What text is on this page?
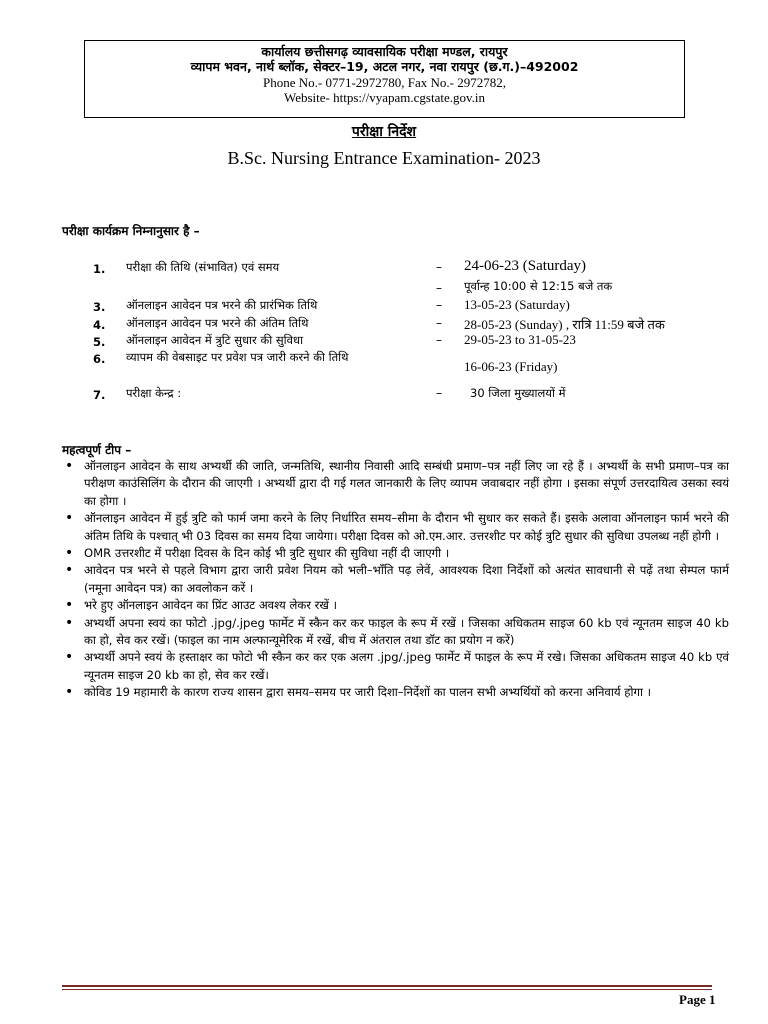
कार्यालय छत्तीसगढ़ व्यावसायिक परीक्षा मण्डल, रायपुर
व्यापम भवन, नार्थ ब्लॉक, सेक्टर–19, अटल नगर, नवा रायपुर (छ.ग.)–492002
Phone No.- 0771-2972780, Fax No.- 2972782,
Website- https://vyapam.cgstate.gov.in
परीक्षा निर्देश
B.Sc. Nursing Entrance Examination- 2023
परीक्षा कार्यक्रम निम्नानुसार है –
1. परीक्षा की तिथि (संभावित) एवं समय	– 24-06-23 (Saturday)
– पूर्वान्ह 10:00 से 12:15 बजे तक
3. ऑनलाइन आवेदन पत्र भरने की प्रारंभिक तिथि	– 13-05-23 (Saturday)
4. ऑनलाइन आवेदन पत्र भरने की अंतिम तिथि	– 28-05-23 (Sunday) , रात्रि 11:59 बजे तक
5. ऑनलाइन आवेदन में त्रुटि सुधार की सुविधा	– 29-05-23 to 31-05-23
6. व्यापम की वेबसाइट पर प्रवेश पत्र जारी करने की तिथि
16-06-23 (Friday)
7. परीक्षा केन्द्र :	– 30 जिला मुख्यालयों में
महत्वपूर्ण टीप –
• ऑनलाइन आवेदन के साथ अभ्यर्थी की जाति, जन्मतिथि, स्थानीय निवासी आदि सम्बंधी प्रमाण–पत्र नहीं लिए जा रहे हैं । अभ्यर्थी के सभी प्रमाण–पत्र का परीक्षण काउंसिलिंग के दौरान की जाएगी । अभ्यर्थी द्वारा दी गई गलत जानकारी के लिए व्यापम जवाबदार नहीं होगा । इसका संपूर्ण उत्तरदायित्व उसका स्वयं का होगा ।
• ऑनलाइन आवेदन में हुई त्रुटि को फार्म जमा करने के लिए निर्धारित समय–सीमा के दौरान भी सुधार कर सकते हैं। इसके अलावा ऑनलाइन फार्म भरने की अंतिम तिथि के पश्चात् भी 03 दिवस का समय दिया जायेगा। परीक्षा दिवस को ओ.एम.आर. उत्तरशीट पर कोई त्रुटि सुधार की सुविधा उपलब्ध नहीं होगी ।
• OMR उत्तरशीट में परीक्षा दिवस के दिन कोई भी त्रुटि सुधार की सुविधा नहीं दी जाएगी ।
• आवेदन पत्र भरने से पहले विभाग द्वारा जारी प्रवेश नियम को भली–भाँति पढ़ लेवें, आवश्यक दिशा निर्देशों को अत्यंत सावधानी से पढ़ें तथा सेम्पल फार्म (नमूना आवेदन पत्र) का अवलोकन करें ।
• भरे हुए ऑनलाइन आवेदन का प्रिंट आउट अवश्य लेकर रखें ।
• अभ्यर्थी अपना स्वयं का फोटो .jpg/.jpeg फार्मेट में स्कैन कर कर फाइल के रूप में रखें । जिसका अधिकतम साइज 60 kb एवं न्यूनतम साइज 40 kb का हो, सेव कर रखें। (फाइल का नाम अल्फान्यूमेरिक में रखें, बीच में अंतराल तथा डॉट का प्रयोग न करें)
• अभ्यर्थी अपने स्वयं के हस्ताक्षर का फोटो भी स्कैन कर कर एक अलग .jpg/.jpeg फार्मेट में फाइल के रूप में रखे। जिसका अधिकतम साइज 40 kb एवं न्यूनतम साइज 20 kb का हो, सेव कर रखें।
• कोविड 19 महामारी के कारण राज्य शासन द्वारा समय–समय पर जारी दिशा–निर्देशों का पालन सभी अभ्यर्थियों को करना अनिवार्य होगा ।
Page 1
